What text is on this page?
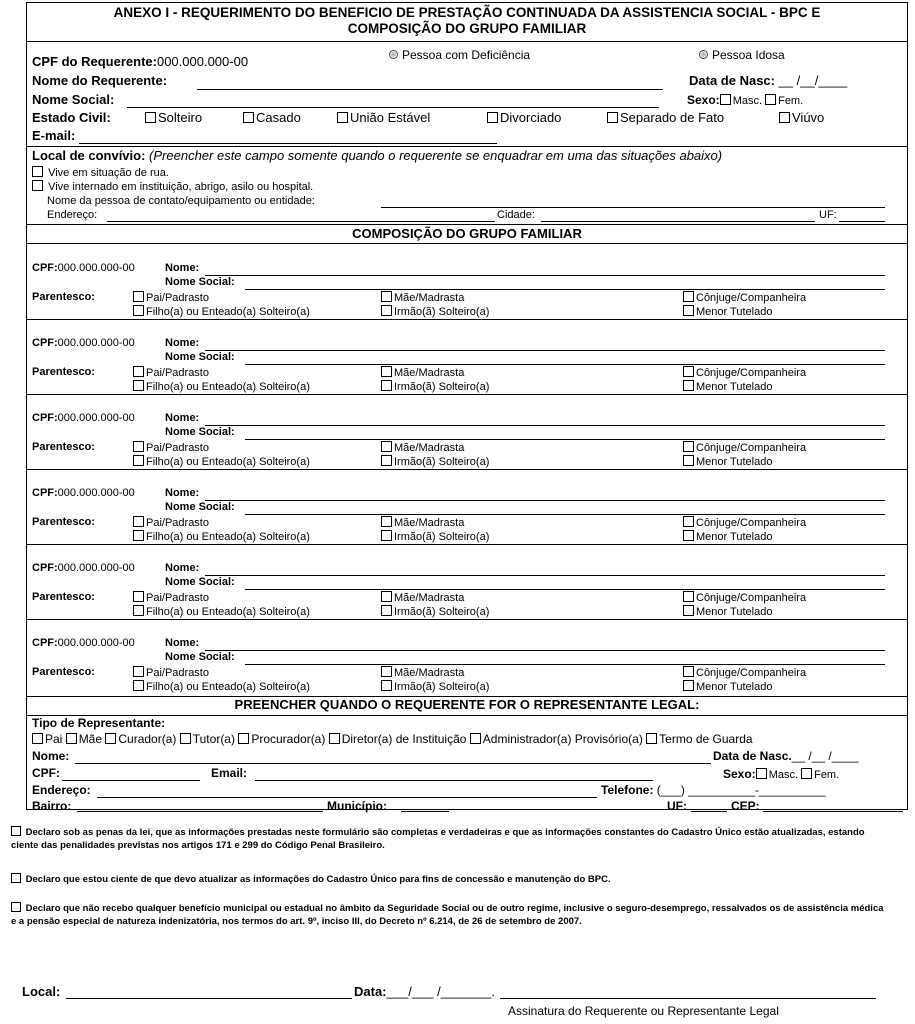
ANEXO I - REQUERIMENTO DO BENEFICIO DE PRESTAÇÃO CONTINUADA DA ASSISTENCIA SOCIAL - BPC E
COMPOSIÇÃO DO GRUPO FAMILIAR
CPF do Requerente:000.000.000-00	Pessoa com Deficiência	Pessoa Idosa
Nome do Requerente:	Data de Nasc: __ /__/____
Nome Social:	Sexo: Masc. Fem.
Estado Civil:	Solteiro	Casado	União Estável	Divorciado	Separado de Fato	Viúvo
E-mail:
Local de convívio: (Preencher este campo somente quando o requerente se enquadrar em uma das situações abaixo)
Vive em situação de rua.
Vive internado em instituição, abrigo, asilo ou hospital.
Nome da pessoa de contato/equipamento ou entidade:
Endereço:	Cidade:	UF:
COMPOSIÇÃO DO GRUPO FAMILIAR
CPF:000.000.000-00	Nome:
Nome Social:
Parentesco:	Pai/Padrasto	Mãe/Madrasta	Cônjuge/Companheira
Filho(a) ou Enteado(a) Solteiro(a)	Irmão(ã) Solteiro(a)	Menor Tutelado
CPF:000.000.000-00	Nome:
Nome Social:
Parentesco:	Pai/Padrasto	Mãe/Madrasta	Cônjuge/Companheira
Filho(a) ou Enteado(a) Solteiro(a)	Irmão(ã) Solteiro(a)	Menor Tutelado
CPF:000.000.000-00	Nome:
Nome Social:
Parentesco:	Pai/Padrasto	Mãe/Madrasta	Cônjuge/Companheira
Filho(a) ou Enteado(a) Solteiro(a)	Irmão(ã) Solteiro(a)	Menor Tutelado
CPF:000.000.000-00	Nome:
Nome Social:
Parentesco:	Pai/Padrasto	Mãe/Madrasta	Cônjuge/Companheira
Filho(a) ou Enteado(a) Solteiro(a)	Irmão(ã) Solteiro(a)	Menor Tutelado
CPF:000.000.000-00	Nome:
Nome Social:
Parentesco:	Pai/Padrasto	Mãe/Madrasta	Cônjuge/Companheira
Filho(a) ou Enteado(a) Solteiro(a)	Irmão(ã) Solteiro(a)	Menor Tutelado
CPF:000.000.000-00	Nome:
Nome Social:
Parentesco:	Pai/Padrasto	Mãe/Madrasta	Cônjuge/Companheira
Filho(a) ou Enteado(a) Solteiro(a)	Irmão(ã) Solteiro(a)	Menor Tutelado
PREENCHER QUANDO O REQUERENTE FOR O REPRESENTANTE LEGAL:
Tipo de Representante:
Pai Mãe Curador(a) Tutor(a) Procurador(a) Diretor(a) de Instituição Administrador(a) Provisório(a) Termo de Guarda
Nome:	Data de Nasc.__ /__ /____
CPF:	Email:	Sexo: Masc. Fem.
Endereço:	Telefone: (___) __________-__________
Bairro:	Município:	UF:	CEP:
Declaro sob as penas da lei, que as informações prestadas neste formulário são completas e verdadeiras e que as informações constantes do Cadastro Único estão atualizadas, estando ciente das penalidades previstas nos artigos 171 e 299 do Código Penal Brasileiro.
Declaro que estou ciente de que devo atualizar as informações do Cadastro Único para fins de concessão e manutenção do BPC.
Declaro que não recebo qualquer benefício municipal ou estadual no âmbito da Seguridade Social ou de outro regime, inclusive o seguro-desemprego, ressalvados os de assistência médica e a pensão especial de natureza indenizatória, nos termos do art. 9º, inciso III, do Decreto nº 6.214, de 26 de setembro de 2007.
Local:	Data:___/___ /_______.
Assinatura do Requerente ou Representante Legal
